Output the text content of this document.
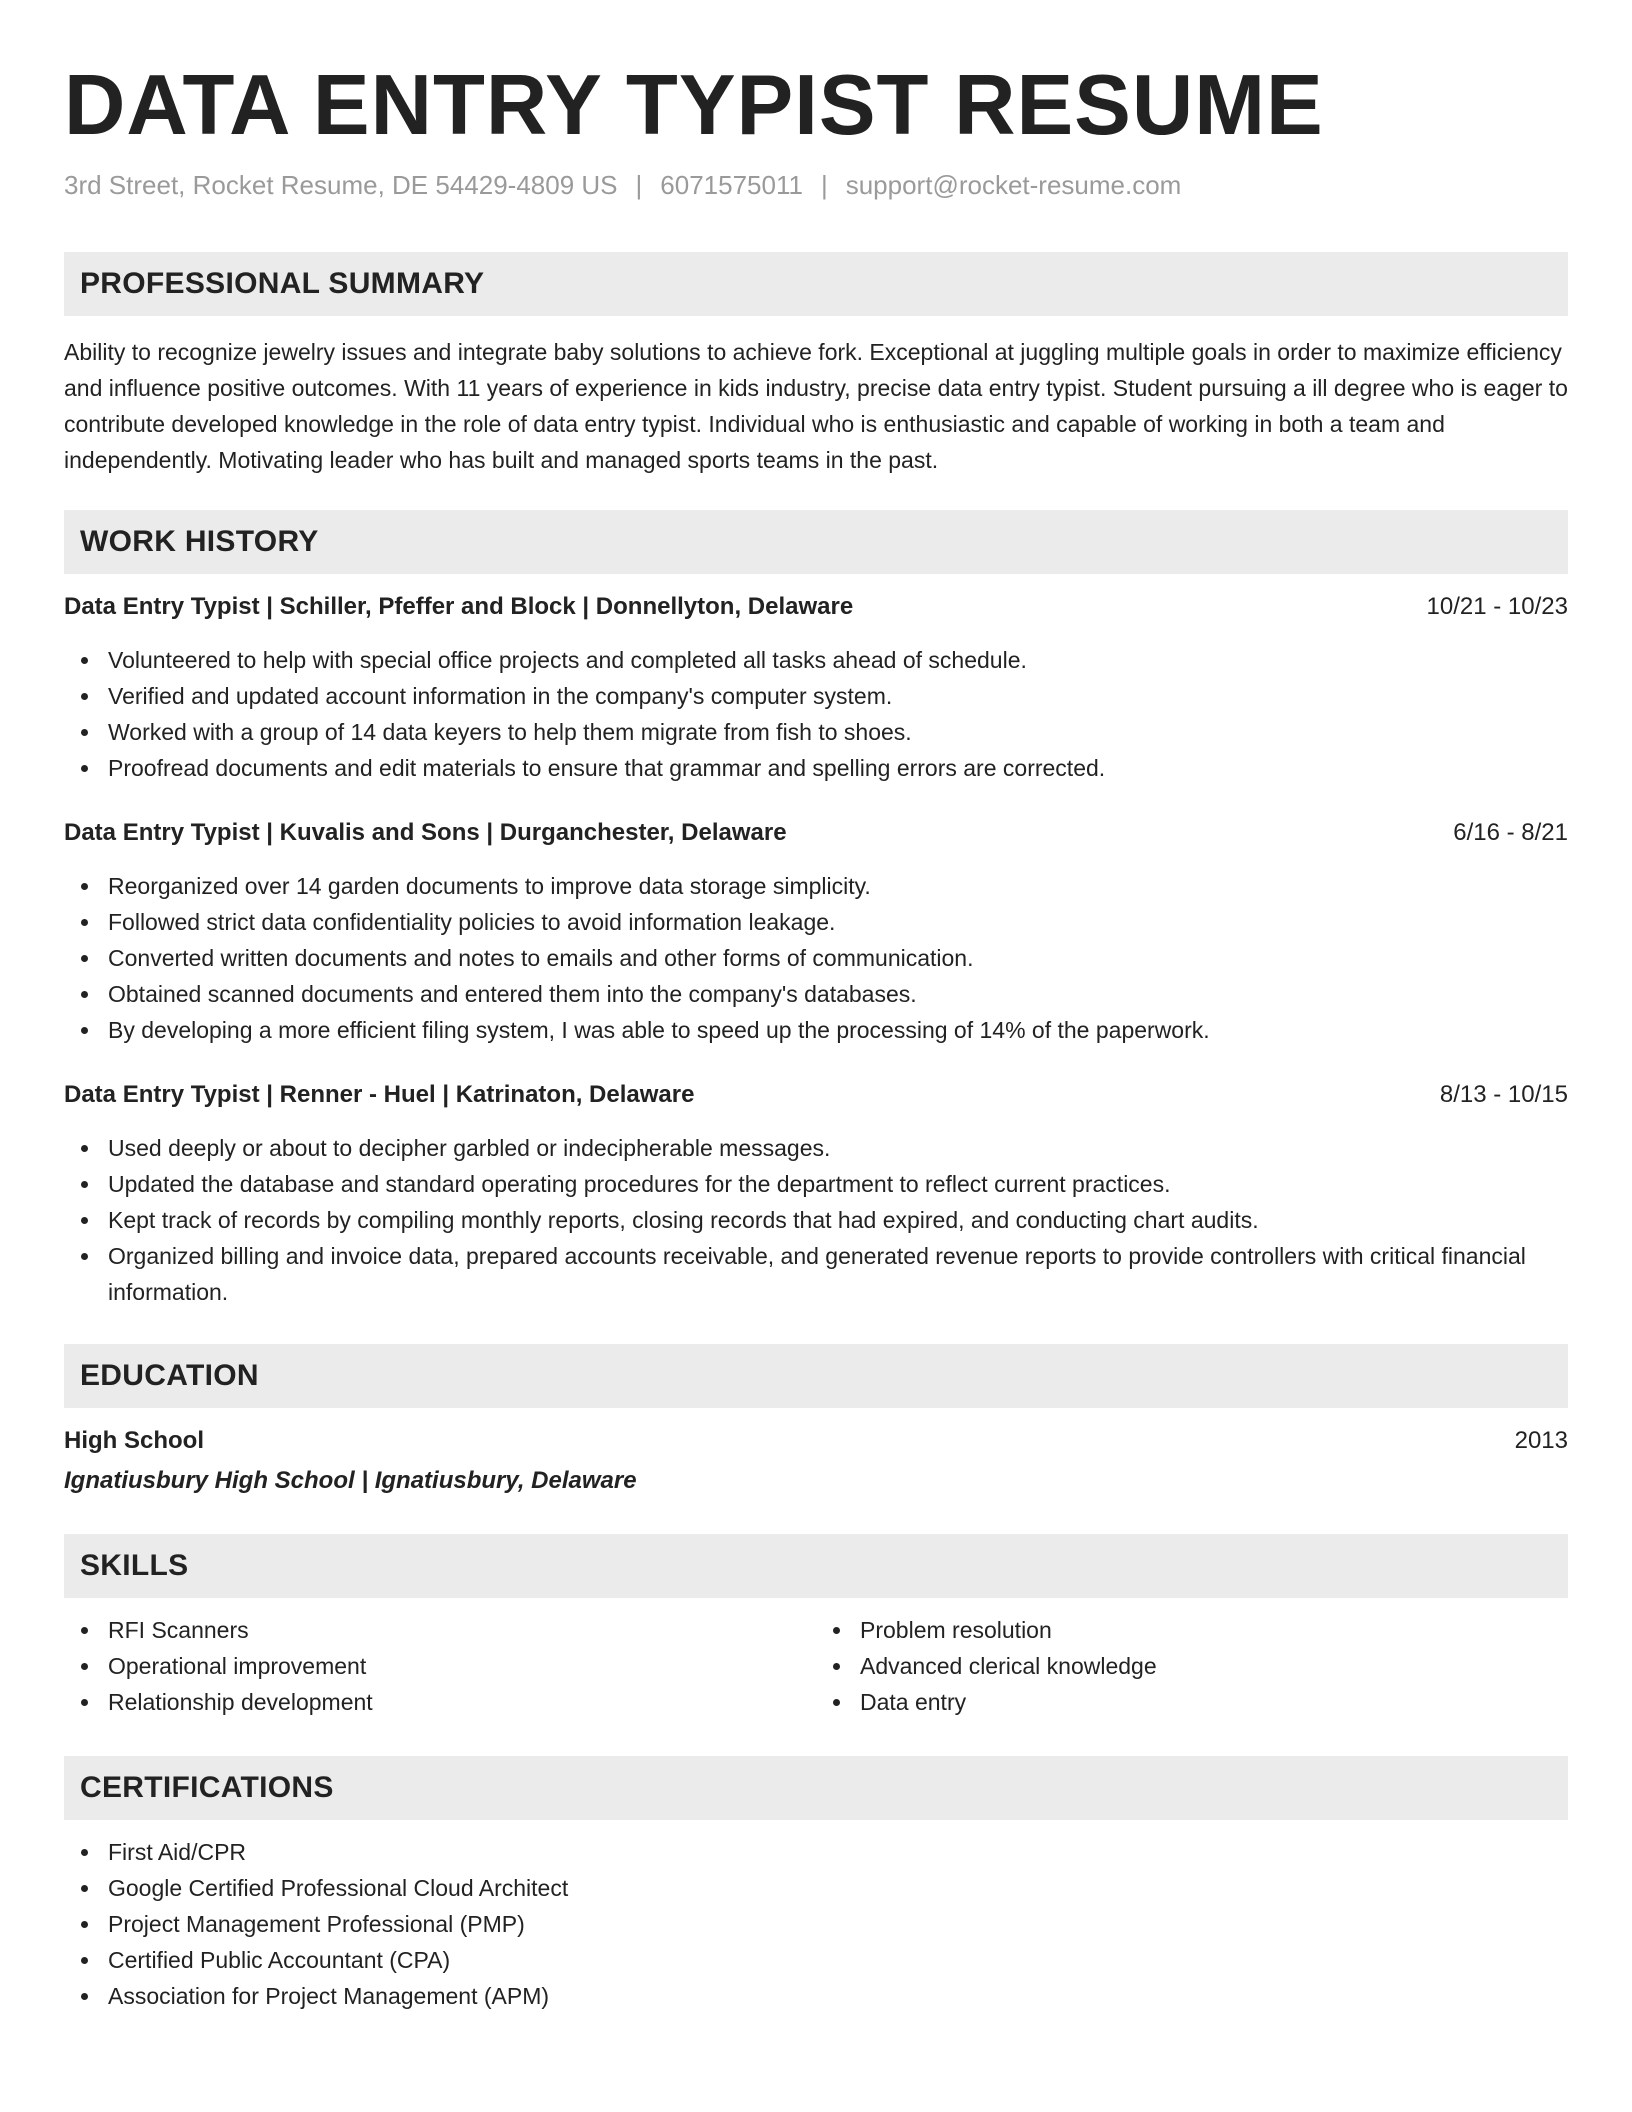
DATA ENTRY TYPIST RESUME
3rd Street, Rocket Resume, DE 54429-4809 US | 6071575011 | support@rocket-resume.com
PROFESSIONAL SUMMARY

Ability to recognize jewelry issues and integrate baby solutions to achieve fork. Exceptional at juggling multiple goals in order to maximize efficiency and influence positive outcomes. With 11 years of experience in kids industry, precise data entry typist. Student pursuing a ill degree who is eager to contribute developed knowledge in the role of data entry typist. Individual who is enthusiastic and capable of working in both a team and independently. Motivating leader who has built and managed sports teams in the past.

WORK HISTORY
Data Entry Typist | Schiller, Pfeffer and Block | Donnellyton, Delaware	10/21 - 10/23
Volunteered to help with special office projects and completed all tasks ahead of schedule.
Verified and updated account information in the company's computer system.
Worked with a group of 14 data keyers to help them migrate from fish to shoes.
Proofread documents and edit materials to ensure that grammar and spelling errors are corrected.
Data Entry Typist | Kuvalis and Sons | Durganchester, Delaware	6/16 - 8/21
Reorganized over 14 garden documents to improve data storage simplicity.
Followed strict data confidentiality policies to avoid information leakage.
Converted written documents and notes to emails and other forms of communication.
Obtained scanned documents and entered them into the company's databases.
By developing a more efficient filing system, I was able to speed up the processing of 14% of the paperwork.
Data Entry Typist | Renner - Huel | Katrinaton, Delaware	8/13 - 10/15
Used deeply or about to decipher garbled or indecipherable messages.
Updated the database and standard operating procedures for the department to reflect current practices.
Kept track of records by compiling monthly reports, closing records that had expired, and conducting chart audits.
Organized billing and invoice data, prepared accounts receivable, and generated revenue reports to provide controllers with critical financial information.
EDUCATION
High School	2013
Ignatiusbury High School | Ignatiusbury, Delaware
SKILLS
RFI Scanners
Operational improvement
Relationship development
Problem resolution
Advanced clerical knowledge
Data entry
CERTIFICATIONS
First Aid/CPR
Google Certified Professional Cloud Architect
Project Management Professional (PMP)
Certified Public Accountant (CPA)
Association for Project Management (APM)
